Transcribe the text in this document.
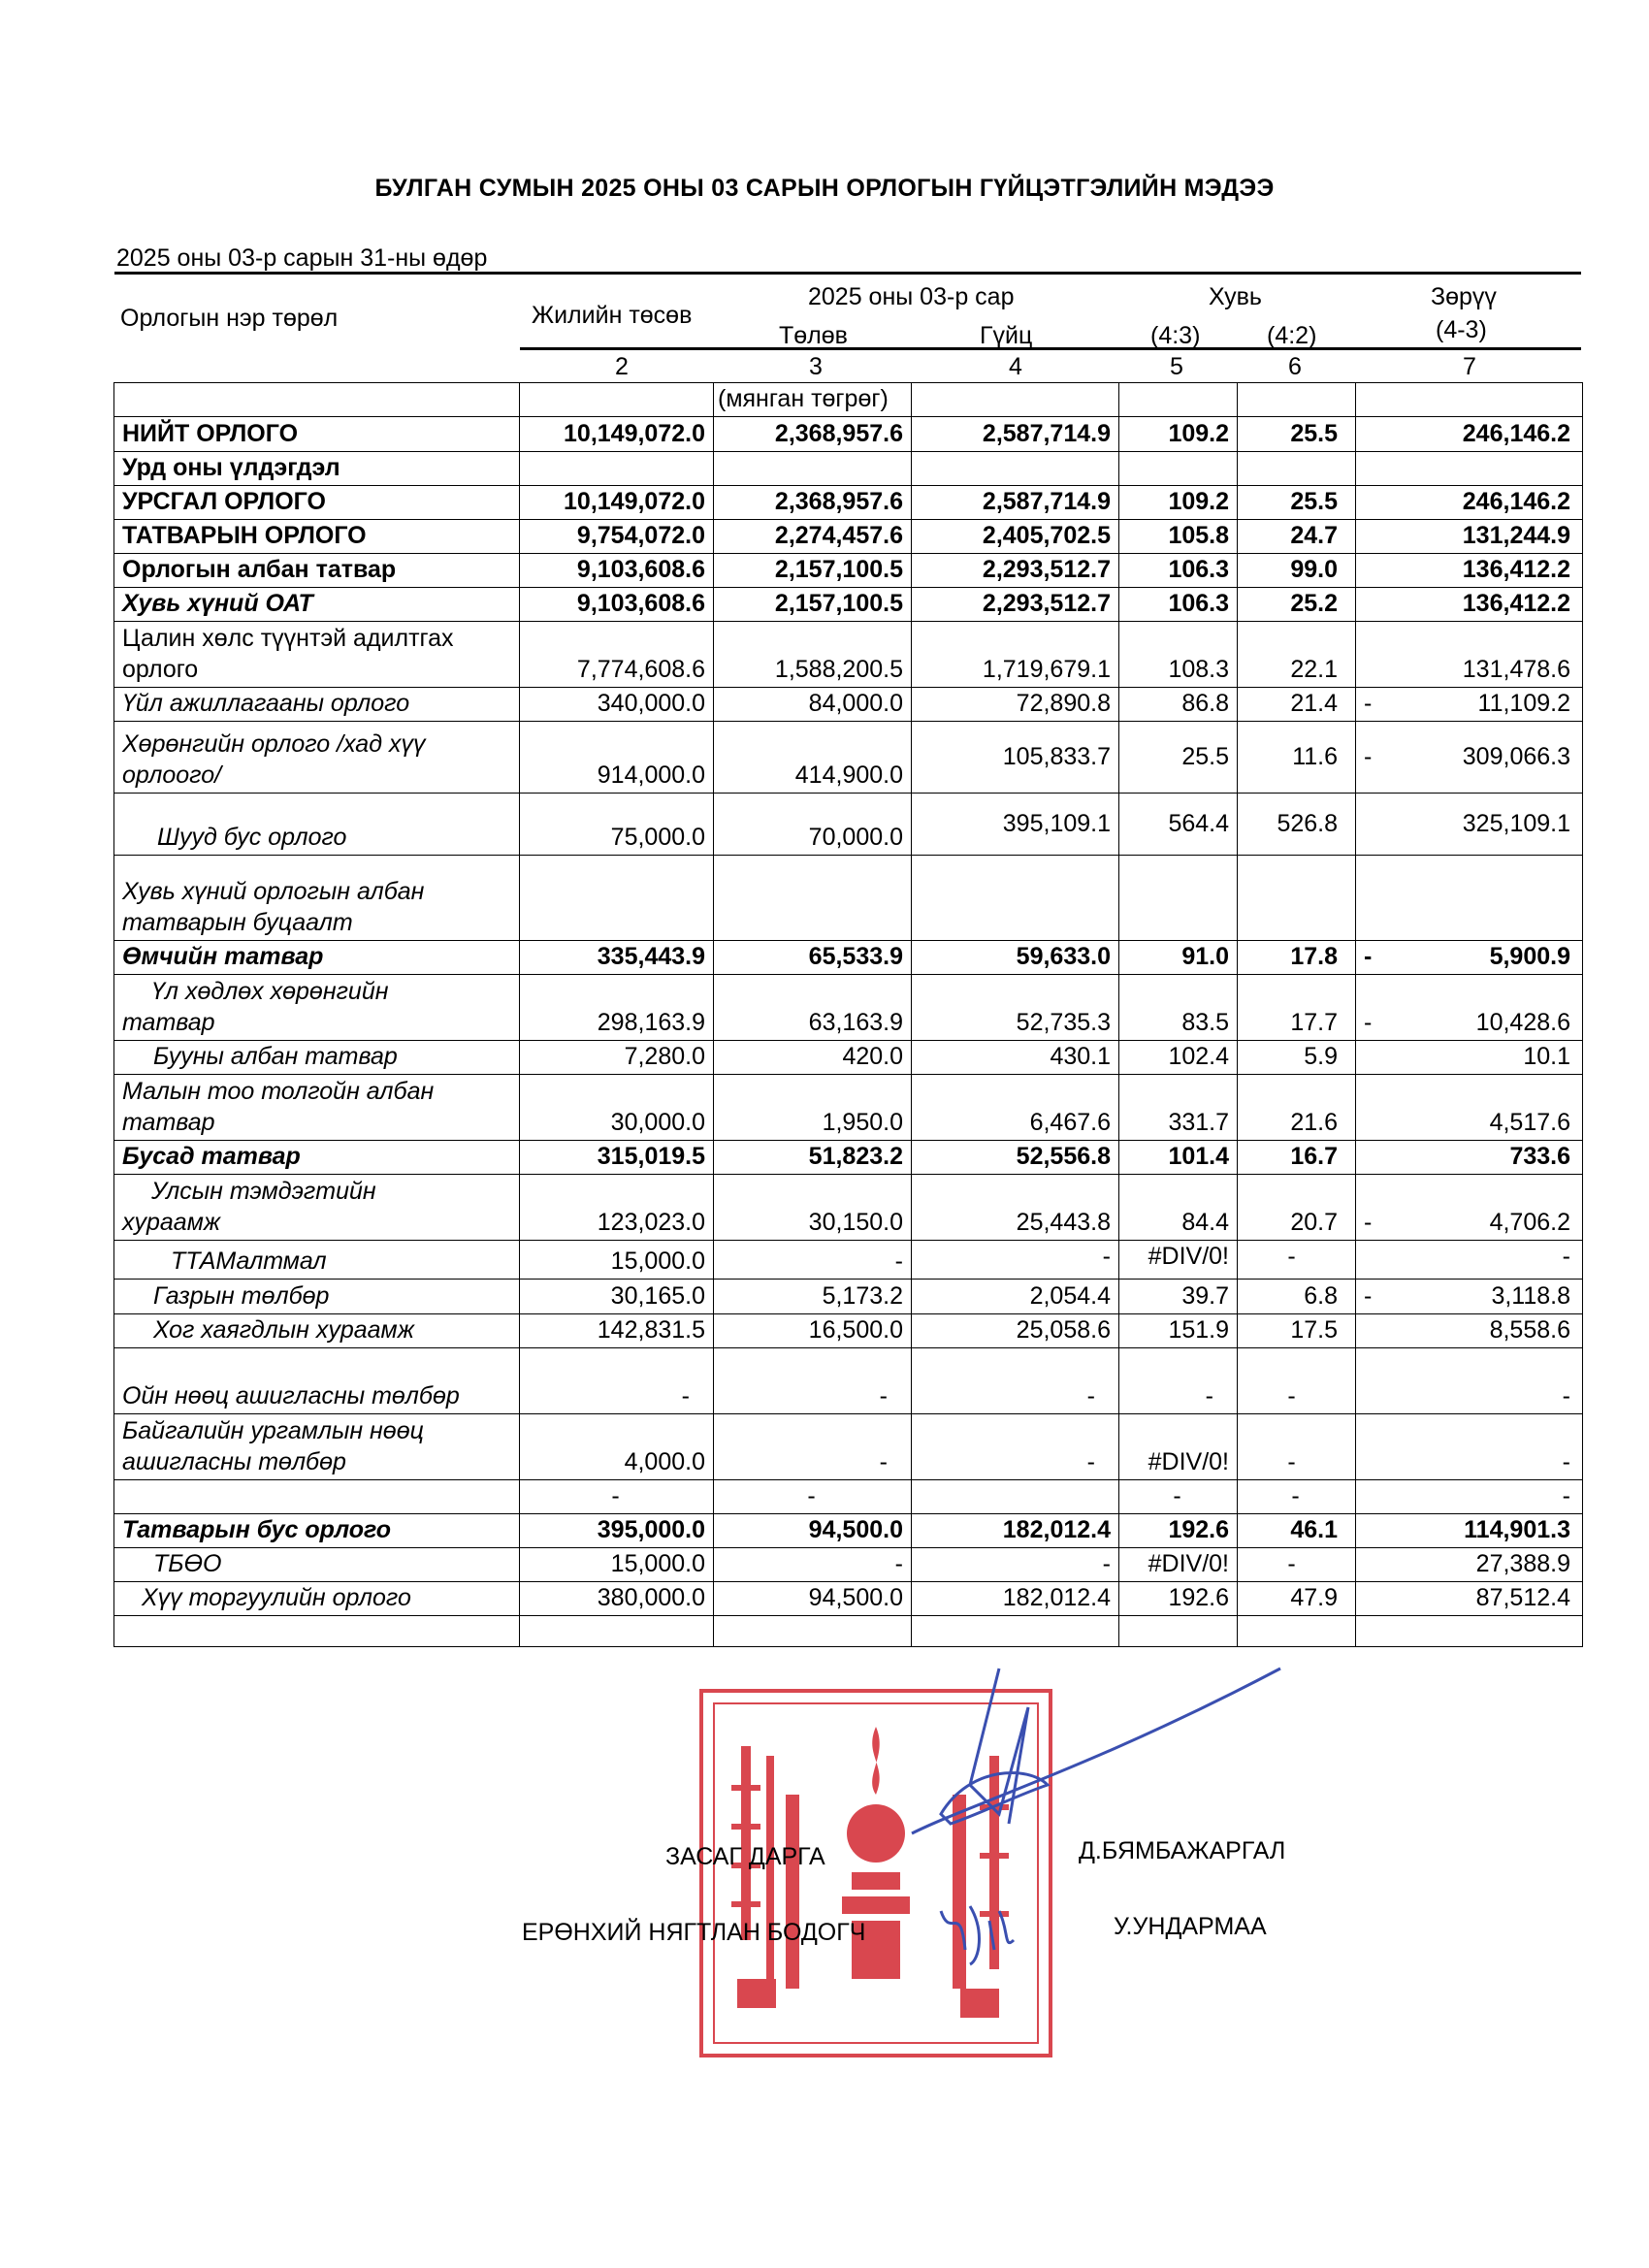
БУЛГАН СУМЫН 2025 ОНЫ 03 САРЫН ОРЛОГЫН ГҮЙЦЭТГЭЛИЙН МЭДЭЭ
2025 оны 03-р сарын 31-ны өдөр
Орлогын нэр төрөл	Жилийн төсөв
2025 оны 03-р сар
Төлөв	Гүйц
Хувь
(4:3)	(4:2)
Зөрүү
(4-3)
2	3	4	5	6	7
		(мянган төгрөг)				
НИЙТ ОРЛОГО	10,149,072.0	2,368,957.6	2,587,714.9	109.2	25.5	246,146.2

Урд оны үлдэгдэл						

УРСГАЛ ОРЛОГО	10,149,072.0	2,368,957.6	2,587,714.9	109.2	25.5	246,146.2

ТАТВАРЫН ОРЛОГО	9,754,072.0	2,274,457.6	2,405,702.5	105.8	24.7	131,244.9

Орлогын албан татвар	9,103,608.6	2,157,100.5	2,293,512.7	106.3	99.0	136,412.2

Хувь хүний ОАТ	9,103,608.6	2,157,100.5	2,293,512.7	106.3	25.2	136,412.2

Цалин хөлс түүнтэй адилтгах
орлого	7,774,608.6	1,588,200.5	1,719,679.1	108.3	22.1	131,478.6

Үйл ажиллагааны орлого	340,000.0	84,000.0	72,890.8	86.8	21.4	- 11,109.2

Хөрөнгийн орлого /хад хүү
орлоого/	914,000.0	414,900.0	105,833.7	25.5	11.6	- 309,066.3

Шууд бус орлого	75,000.0	70,000.0	395,109.1	564.4	526.8	325,109.1

Хувь хүний орлогын албан
татварын буцаалт						

Өмчийн татвар	335,443.9	65,533.9	59,633.0	91.0	17.8	- 5,900.9

Үл хөдлөх хөрөнгийн
татвар	298,163.9	63,163.9	52,735.3	83.5	17.7	- 10,428.6

Бууны албан татвар	7,280.0	420.0	430.1	102.4	5.9	10.1

Малын тоо толгойн албан
татвар	30,000.0	1,950.0	6,467.6	331.7	21.6	4,517.6

Бусад татвар	315,019.5	51,823.2	52,556.8	101.4	16.7	733.6

Улсын тэмдэгтийн
хураамж	123,023.0	30,150.0	25,443.8	84.4	20.7	- 4,706.2

ТТАМалтмал	15,000.0	-	-	#DIV/0!	-	-

Газрын төлбөр	30,165.0	5,173.2	2,054.4	39.7	6.8	- 3,118.8

Хог хаягдлын хураамж	142,831.5	16,500.0	25,058.6	151.9	17.5	8,558.6

Ойн нөөц ашигласны төлбөр	-	-	-	-	-	-

Байгалийн ургамлын нөөц
ашигласны төлбөр	4,000.0	-	-	#DIV/0!	-	-

	-	-		-	-	-

Татварын бус орлого	395,000.0	94,500.0	182,012.4	192.6	46.1	114,901.3

ТБӨО	15,000.0	-	-	#DIV/0!	-	27,388.9

Хүү торгуулийн орлого	380,000.0	94,500.0	182,012.4	192.6	47.9	87,512.4

ЗАСАГ ДАРГА	Д.БЯМБАЖАРГАЛ
ЕРӨНХИЙ НЯГТЛАН БОДОГЧ	У.УНДАРМАА
